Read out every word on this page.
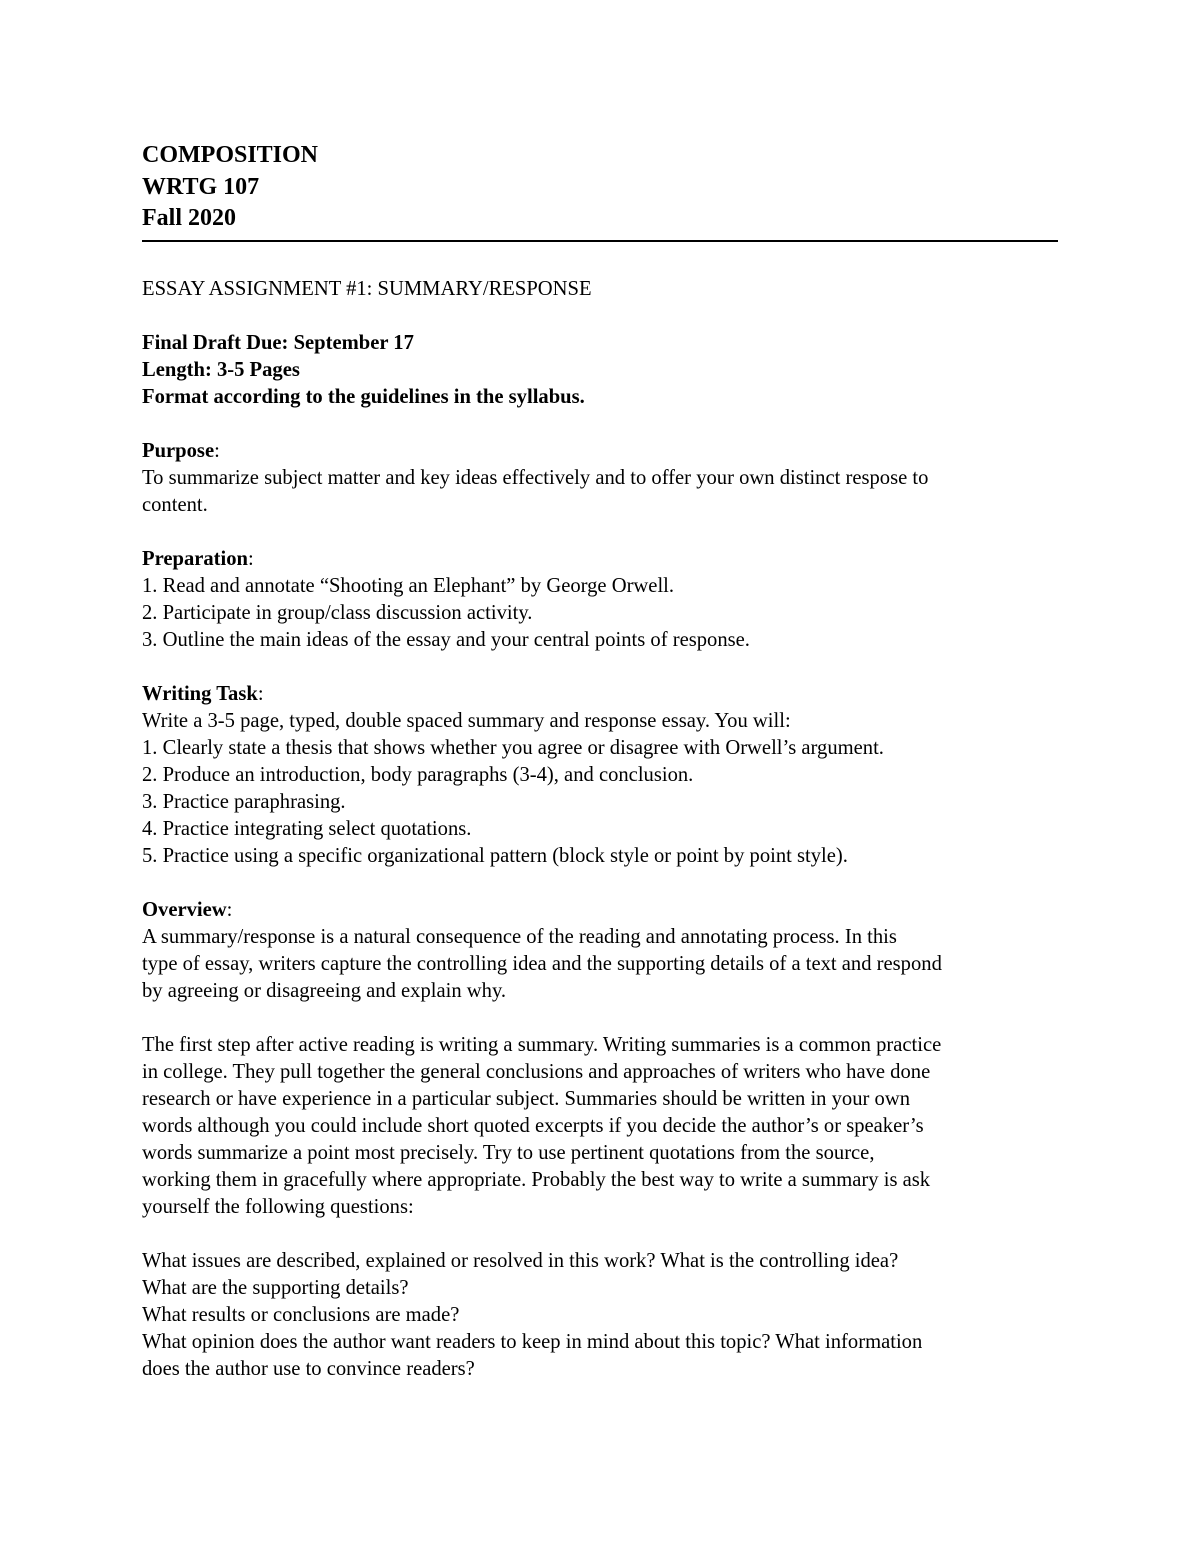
COMPOSITION
WRTG 107
Fall 2020
ESSAY ASSIGNMENT #1: SUMMARY/RESPONSE
Final Draft Due: September 17
Length: 3-5 Pages
Format according to the guidelines in the syllabus.
Purpose:
To summarize subject matter and key ideas effectively and to offer your own distinct respose to
content.
Preparation:
1. Read and annotate “Shooting an Elephant” by George Orwell.
2. Participate in group/class discussion activity.
3. Outline the main ideas of the essay and your central points of response.
Writing Task:
Write a 3-5 page, typed, double spaced summary and response essay. You will:
1. Clearly state a thesis that shows whether you agree or disagree with Orwell’s argument.
2. Produce an introduction, body paragraphs (3-4), and conclusion.
3. Practice paraphrasing.
4. Practice integrating select quotations.
5. Practice using a specific organizational pattern (block style or point by point style).
Overview:
A summary/response is a natural consequence of the reading and annotating process. In this
type of essay, writers capture the controlling idea and the supporting details of a text and respond
by agreeing or disagreeing and explain why.
The first step after active reading is writing a summary. Writing summaries is a common practice
in college. They pull together the general conclusions and approaches of writers who have done
research or have experience in a particular subject. Summaries should be written in your own
words although you could include short quoted excerpts if you decide the author’s or speaker’s
words summarize a point most precisely. Try to use pertinent quotations from the source,
working them in gracefully where appropriate. Probably the best way to write a summary is ask
yourself the following questions:
What issues are described, explained or resolved in this work? What is the controlling idea?
What are the supporting details?
What results or conclusions are made?
What opinion does the author want readers to keep in mind about this topic? What information
does the author use to convince readers?
